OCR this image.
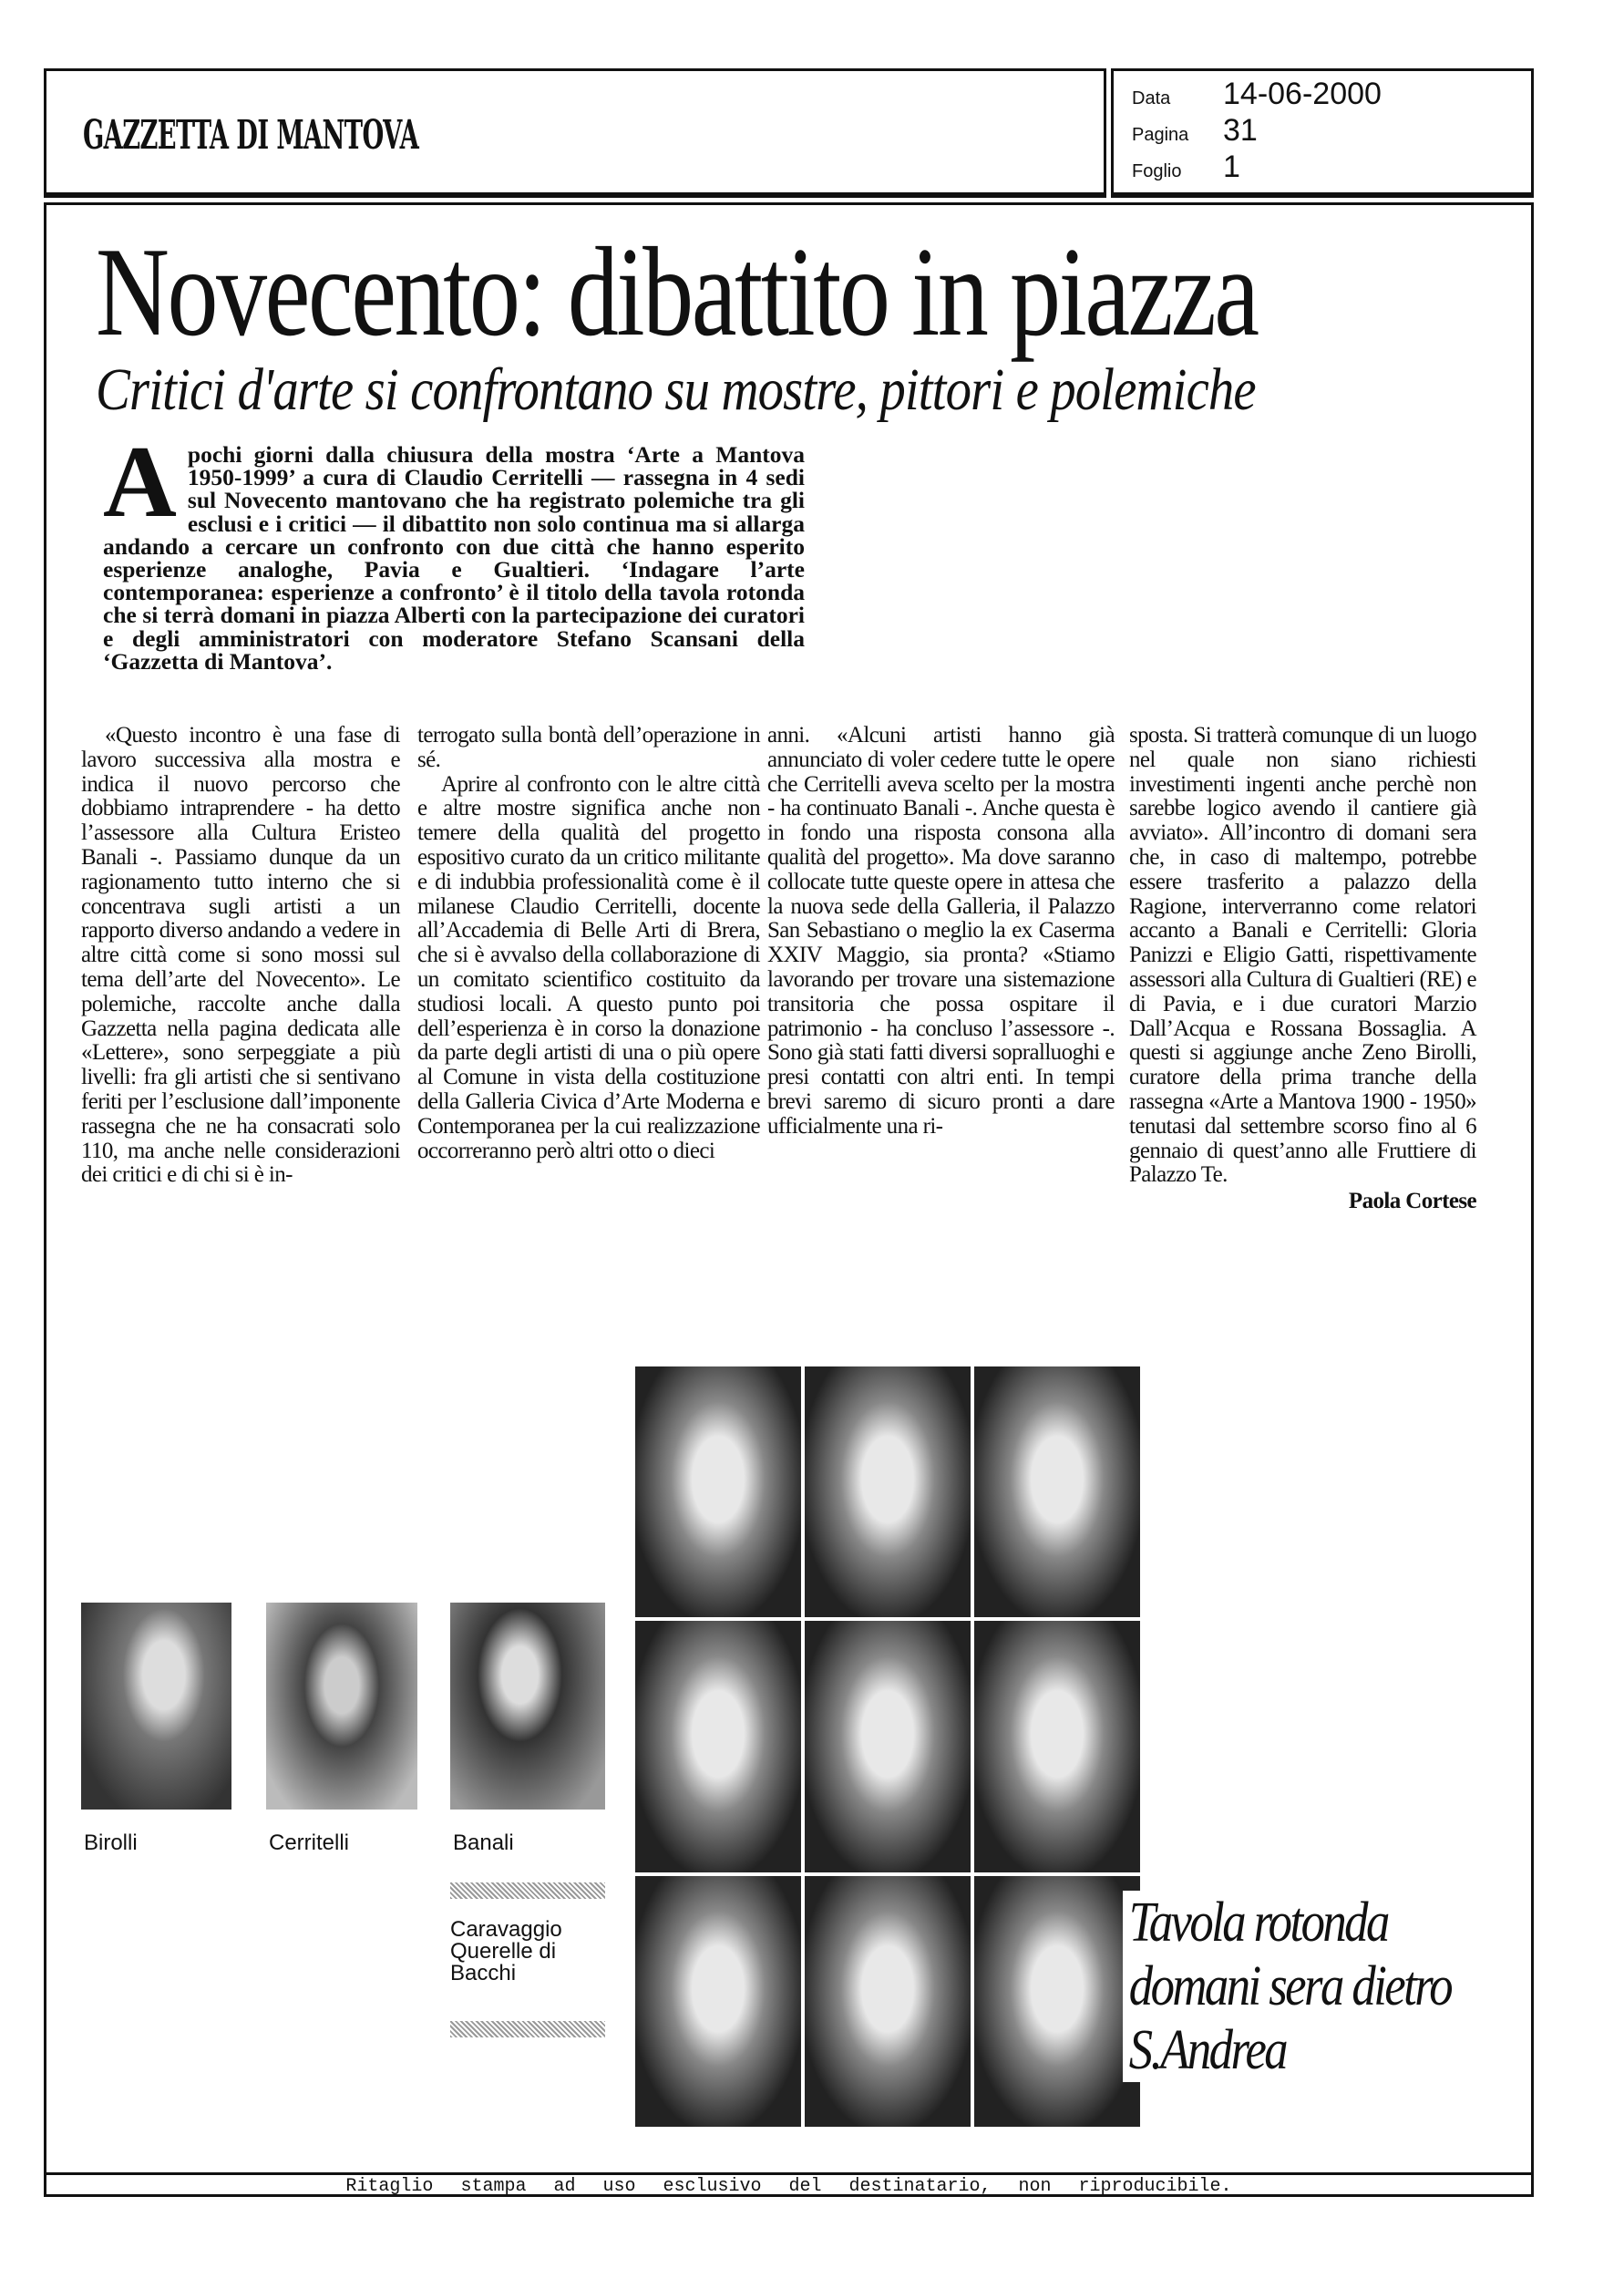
GAZZETTA DI MANTOVA
Data	14-06-2000
Pagina	31
Foglio	1
Novecento: dibattito in piazza
Critici d'arte si confrontano su mostre, pittori e polemiche
Apochi giorni dalla chiusura della mostra ‘Arte a Mantova 1950-1999’ a cura di Claudio Cerritelli — rassegna in 4 sedi sul Novecento mantovano che ha registrato polemiche tra gli esclusi e i critici — il dibattito non solo continua ma si allarga andando a cercare un confronto con due città che hanno esperito esperienze analoghe, Pavia e Gualtieri. ‘Indagare l’arte contemporanea: esperienze a confronto’ è il titolo della tavola rotonda che si terrà domani in piazza Alberti con la partecipazione dei curatori e degli amministratori con moderatore Stefano Scansani della ‘Gazzetta di Mantova’.

«Questo incontro è una fase di lavoro successiva alla mostra e indica il nuovo percorso che dobbiamo intraprendere - ha detto l’assessore alla Cultura Eristeo Banali -. Passiamo dunque da un ragionamento tutto interno che si concentrava sugli artisti a un rapporto diverso andando a vedere in altre città come si sono mossi sul tema dell’arte del Novecento». Le polemiche, raccolte anche dalla Gazzetta nella pagina dedicata alle «Lettere», sono serpeggiate a più livelli: fra gli artisti che si sentivano feriti per l’esclusione dall’imponente rassegna che ne ha consacrati solo 110, ma anche nelle considerazioni dei critici e di chi si è in-

terrogato sulla bontà dell’operazione in sé.

Aprire al confronto con le altre città e altre mostre significa anche non temere della qualità del progetto espositivo curato da un critico militante e di indubbia professionalità come è il milanese Claudio Cerritelli, docente all’Accademia di Belle Arti di Brera, che si è avvalso della collaborazione di un comitato scientifico costituito da studiosi locali. A questo punto poi dell’esperienza è in corso la donazione da parte degli artisti di una o più opere al Comune in vista della costituzione della Galleria Civica d’Arte Moderna e Contemporanea per la cui realizzazione occorreranno però altri otto o dieci

anni. «Alcuni artisti hanno già annunciato di voler cedere tutte le opere che Cerritelli aveva scelto per la mostra - ha continuato Banali -. Anche questa è in fondo una risposta consona alla qualità del progetto». Ma dove saranno collocate tutte queste opere in attesa che la nuova sede della Galleria, il Palazzo San Sebastiano o meglio la ex Caserma XXIV Maggio, sia pronta? «Stiamo lavorando per trovare una sistemazione transitoria che possa ospitare il patrimonio - ha concluso l’assessore -. Sono già stati fatti diversi sopralluoghi e presi contatti con altri enti. In tempi brevi saremo di sicuro pronti a dare ufficialmente una ri-

sposta. Si tratterà comunque di un luogo nel quale non siano richiesti investimenti ingenti anche perchè non sarebbe logico avendo il cantiere già avviato». All’incontro di domani sera che, in caso di maltempo, potrebbe essere trasferito a palazzo della Ragione, interverranno come relatori accanto a Banali e Cerritelli: Gloria Panizzi e Eligio Gatti, rispettivamente assessori alla Cultura di Gualtieri (RE) e di Pavia, e i due curatori Marzio Dall’Acqua e Rossana Bossaglia. A questi si aggiunge anche Zeno Birolli, curatore della prima tranche della rassegna «Arte a Mantova 1900 - 1950» tenutasi dal settembre scorso fino al 6 gennaio di quest’anno alle Fruttiere di Palazzo Te.

Paola Cortese
Birolli	Cerritelli	Banali
Caravaggio Querelle di Bacchi
Tavola rotonda domani sera dietro S.Andrea
Ritaglio stampa ad uso esclusivo del destinatario, non riproducibile.
